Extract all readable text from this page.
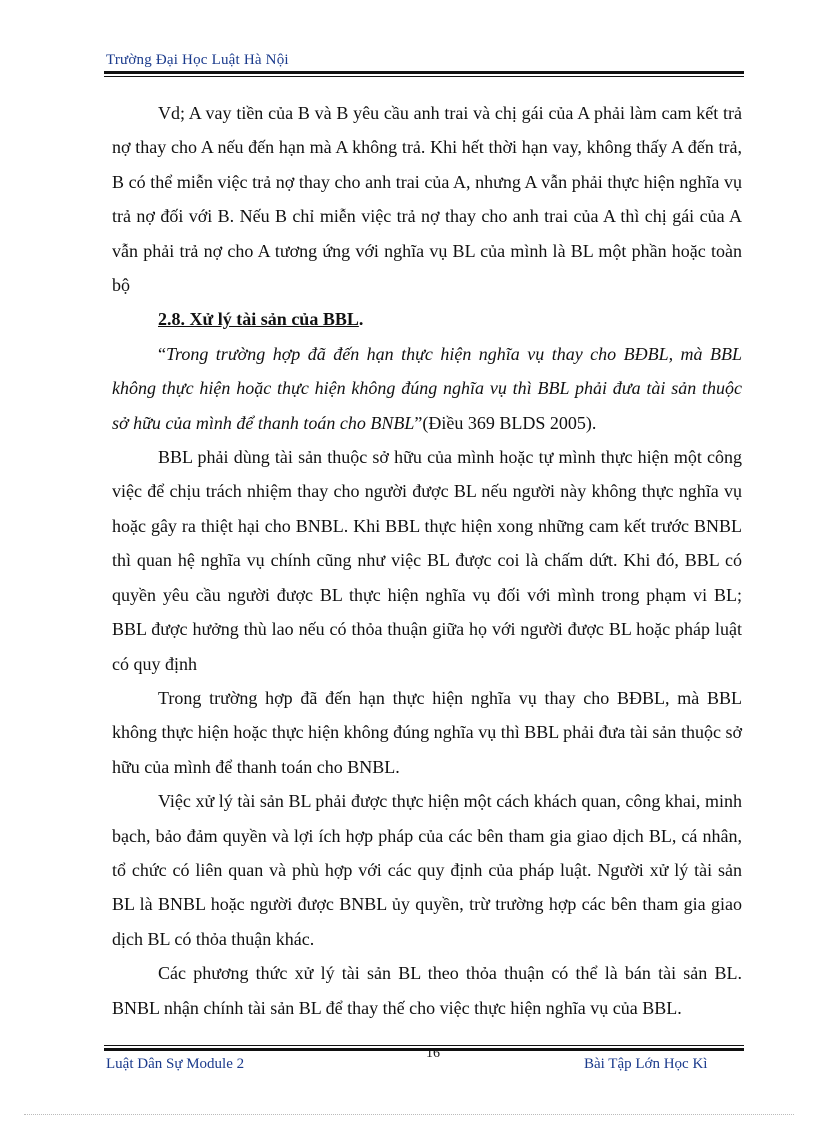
Trường Đại Học Luật Hà Nội

Vd; A vay tiền của B và B yêu cầu anh trai và chị gái của A phải làm cam kết trả nợ thay cho A nếu đến hạn mà A không trả. Khi hết thời hạn vay, không thấy A đến trả, B có thể miễn việc trả nợ thay cho anh trai của A, nhưng A vẫn phải thực hiện nghĩa vụ trả nợ đối với B. Nếu B chỉ miễn việc trả nợ thay cho anh trai của A thì chị gái của A vẫn phải trả nợ cho A tương ứng với nghĩa vụ BL của mình là BL một phần hoặc toàn bộ

2.8. Xử lý tài sản của BBL.

“Trong trường hợp đã đến hạn thực hiện nghĩa vụ thay cho BĐBL, mà BBL không thực hiện hoặc thực hiện không đúng nghĩa vụ thì BBL phải đưa tài sản thuộc sở hữu của mình để thanh toán cho BNBL”(Điều 369 BLDS 2005).

BBL phải dùng tài sản thuộc sở hữu của mình hoặc tự mình thực hiện một công việc để chịu trách nhiệm thay cho người được BL nếu người này không thực nghĩa vụ hoặc gây ra thiệt hại cho BNBL. Khi BBL thực hiện xong những cam kết trước BNBL thì quan hệ nghĩa vụ chính cũng như việc BL được coi là chấm dứt. Khi đó, BBL có quyền yêu cầu người được BL thực hiện nghĩa vụ đối với mình trong phạm vi BL; BBL được hưởng thù lao nếu có thỏa thuận giữa họ với người được BL hoặc pháp luật có quy định

Trong trường hợp đã đến hạn thực hiện nghĩa vụ thay cho BĐBL, mà BBL không thực hiện hoặc thực hiện không đúng nghĩa vụ thì BBL phải đưa tài sản thuộc sở hữu của mình để thanh toán cho BNBL.

Việc xử lý tài sản BL phải được thực hiện một cách khách quan, công khai, minh bạch, bảo đảm quyền và lợi ích hợp pháp của các bên tham gia giao dịch BL, cá nhân, tổ chức có liên quan và phù hợp với các quy định của pháp luật. Người xử lý tài sản BL là BNBL hoặc người được BNBL ủy quyền, trừ trường hợp các bên tham gia giao dịch BL có thỏa thuận khác.

Các phương thức xử lý tài sản BL theo thỏa thuận có thể là bán tài sản BL. BNBL nhận chính tài sản BL để thay thế cho việc thực hiện nghĩa vụ của BBL.

Luật Dân Sự Module 2
16
Bài Tập Lớn Học Kì
